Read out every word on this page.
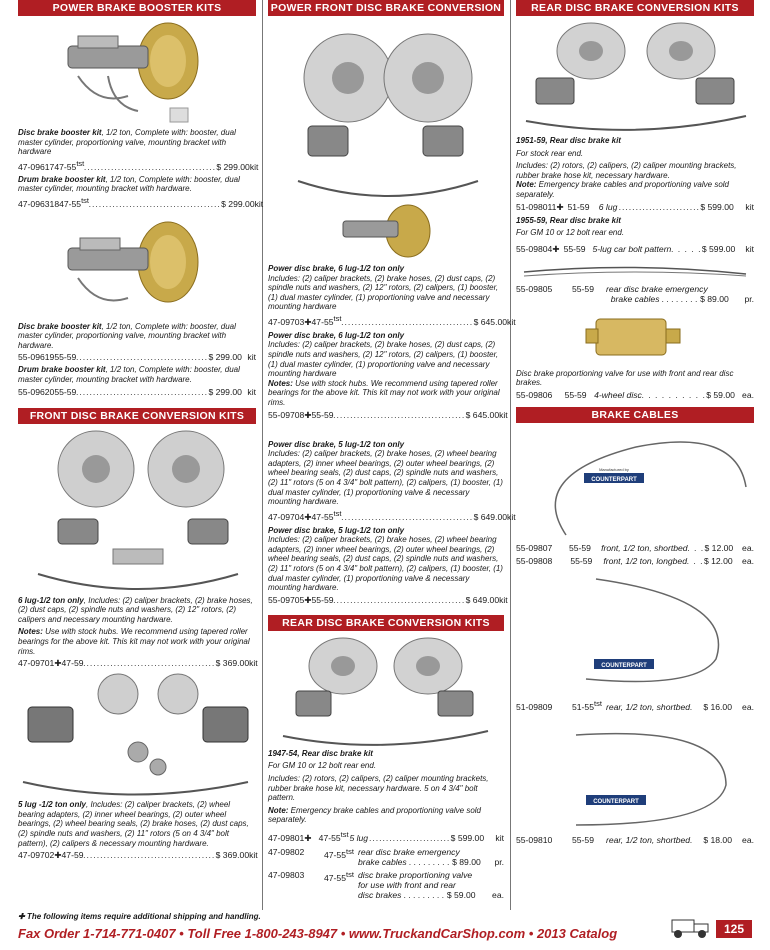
POWER BRAKE BOOSTER KITS

Disc brake booster kit, 1/2 ton, Complete with: booster, dual master cylinder, proportioning valve, mounting bracket with hardware

47-09617 $47-55^{tst}$ ....................................... $ 299.00 kit

Drum brake booster kit, 1/2 ton, Complete with: booster, dual master cylinder, mounting bracket with hardware.

47-096318 $47-55^{tst}$ ....................................... $ 299.00 kit

Disc brake booster kit, 1/2 ton, Complete with: booster, dual master cylinder, proportioning valve, mounting bracket with hardware.

55-09619 55-59 ....................................... $ 299.00 kit

Drum brake booster kit, 1/2 ton, Complete with: booster, dual master cylinder, mounting bracket with hardware.

55-09620 55-59 ....................................... $ 299.00 kit
FRONT DISC BRAKE CONVERSION KITS

6 lug-1/2 ton only, Includes: (2) caliper brackets, (2) brake hoses, (2) dust caps, (2) spindle nuts and washers, (2) 12" rotors, (2) calipers and necessary mounting hardware.

Notes: Use with stock hubs. We recommend using tapered roller bearings for the above kit. This kit may not work with your original rims.

47-09701✚ 47-59 ....................................... $ 369.00 kit

5 lug -1/2 ton only, Includes: (2) caliper brackets, (2) wheel bearing adapters, (2) inner wheel bearings, (2) outer wheel bearings, (2) wheel bearing seals, (2) brake hoses, (2) dust caps, (2) spindle nuts and washers, (2) 11" rotors (5 on 4 3/4" bolt pattern), (2) calipers & necessary mounting hardware.

47-09702✚ 47-59 ....................................... $ 369.00 kit
POWER FRONT DISC BRAKE CONVERSION KITS

Power disc brake, 6 lug-1/2 ton only
Includes: (2) caliper brackets, (2) brake hoses, (2) dust caps, (2) spindle nuts and washers, (2) 12" rotors, (2) calipers, (1) booster, (1) dual master cylinder, (1) proportioning valve and necessary mounting hardware

47-09703✚ $47-55^{tst}$ ....................................... $ 645.00 kit

Power disc brake, 6 lug-1/2 ton only
Includes: (2) caliper brackets, (2) brake hoses, (2) dust caps, (2) spindle nuts and washers, (2) 12" rotors, (2) calipers, (1) booster, (1) dual master cylinder, (1) proportioning valve and necessary mounting hardware

Notes: Use with stock hubs. We recommend using tapered roller bearings for the above kit. This kit may not work with your original rims.

55-09708✚ 55-59 ....................................... $ 645.00 kit

Power disc brake, 5 lug-1/2 ton only
Includes: (2) caliper brackets, (2) brake hoses, (2) wheel bearing adapters, (2) inner wheel bearings, (2) outer wheel bearings, (2) wheel bearing seals, (2) dust caps, (2) spindle nuts and washers, (2) 11" rotors (5 on 4 3/4" bolt pattern), (2) calipers, (1) booster, (1) dual master cylinder, (1) proportioning valve & necessary mounting hardware.

47-09704✚ $47-55^{tst}$ ....................................... $ 649.00 kit

Power disc brake, 5 lug-1/2 ton only
Includes: (2) caliper brackets, (2) brake hoses, (2) wheel bearing adapters, (2) inner wheel bearings, (2) outer wheel bearings, (2) wheel bearing seals, (2) dust caps, (2) spindle nuts and washers, (2) 11" rotors (5 on 4 3/4" bolt pattern), (2) calipers, (1) booster, (1) dual master cylinder, (1) proportioning valve & necessary mounting hardware.

55-09705✚ 55-59 ....................................... $ 649.00 kit
REAR DISC BRAKE CONVERSION KITS

1947-54, Rear disc brake kit

For GM 10 or 12 bolt rear end.

Includes: (2) rotors, (2) calipers, (2) caliper mounting brackets, rubber brake hose kit, necessary hardware. 5 on 4 3/4" bolt pattern.

Note: Emergency brake cables and proportioning valve sold separately.

47-09801✚ $47-55^{tst}$ 5 lug ........................ $ 599.00	kit
47-09802	$47-55^{tst}$ rear disc brake emergency
brake cables . . . . . . . . . $ 89.00	pr.
47-09803	$47-55^{tst}$ disc brake proportioning valve
for use with front and rear
disc brakes . . . . . . . . . $ 59.00	ea.
REAR DISC BRAKE CONVERSION KITS

1951-59, Rear disc brake kit

For stock rear end.

Includes: (2) rotors, (2) calipers, (2) caliper mounting brackets, rubber brake hose kit, necessary hardware.

Note: Emergency brake cables and proportioning valve sold separately.

51-098011✚ 51-59	6 lug ........................ $ 599.00	kit

1955-59, Rear disc brake kit

For GM 10 or 12 bolt rear end.

55-09804✚ 55-59 5-lug car bolt pattern . . . . . $ 599.00	kit
55-09805	55-59	rear disc brake emergency
brake cables . . . . . . . . $ 89.00	pr.

Disc brake proportioning valve for use with front and rear disc brakes.

55-09806	55-59 4-wheel disc . . . . . . . . . . $ 59.00 ea.
BRAKE CABLES
COUNTERPART
Manufactured by
55-09807	55-59	front, 1/2 ton, shortbed . . . $ 12.00	ea.
55-09808	55-59	front, 1/2 ton, longbed . . . $ 12.00	ea.
COUNTERPART
51-09809	$51-55^{tst}$ rear, 1/2 ton, shortbed .	$ 16.00	ea.
COUNTERPART
55-09810	55-59	rear, 1/2 ton, shortbed .	$ 18.00	ea.
✚ The following items require additional shipping and handling.
Fax Order 1-714-771-0407 • Toll Free 1-800-243-8947 • www.TruckandCarShop.com • 2013 Catalog	125
